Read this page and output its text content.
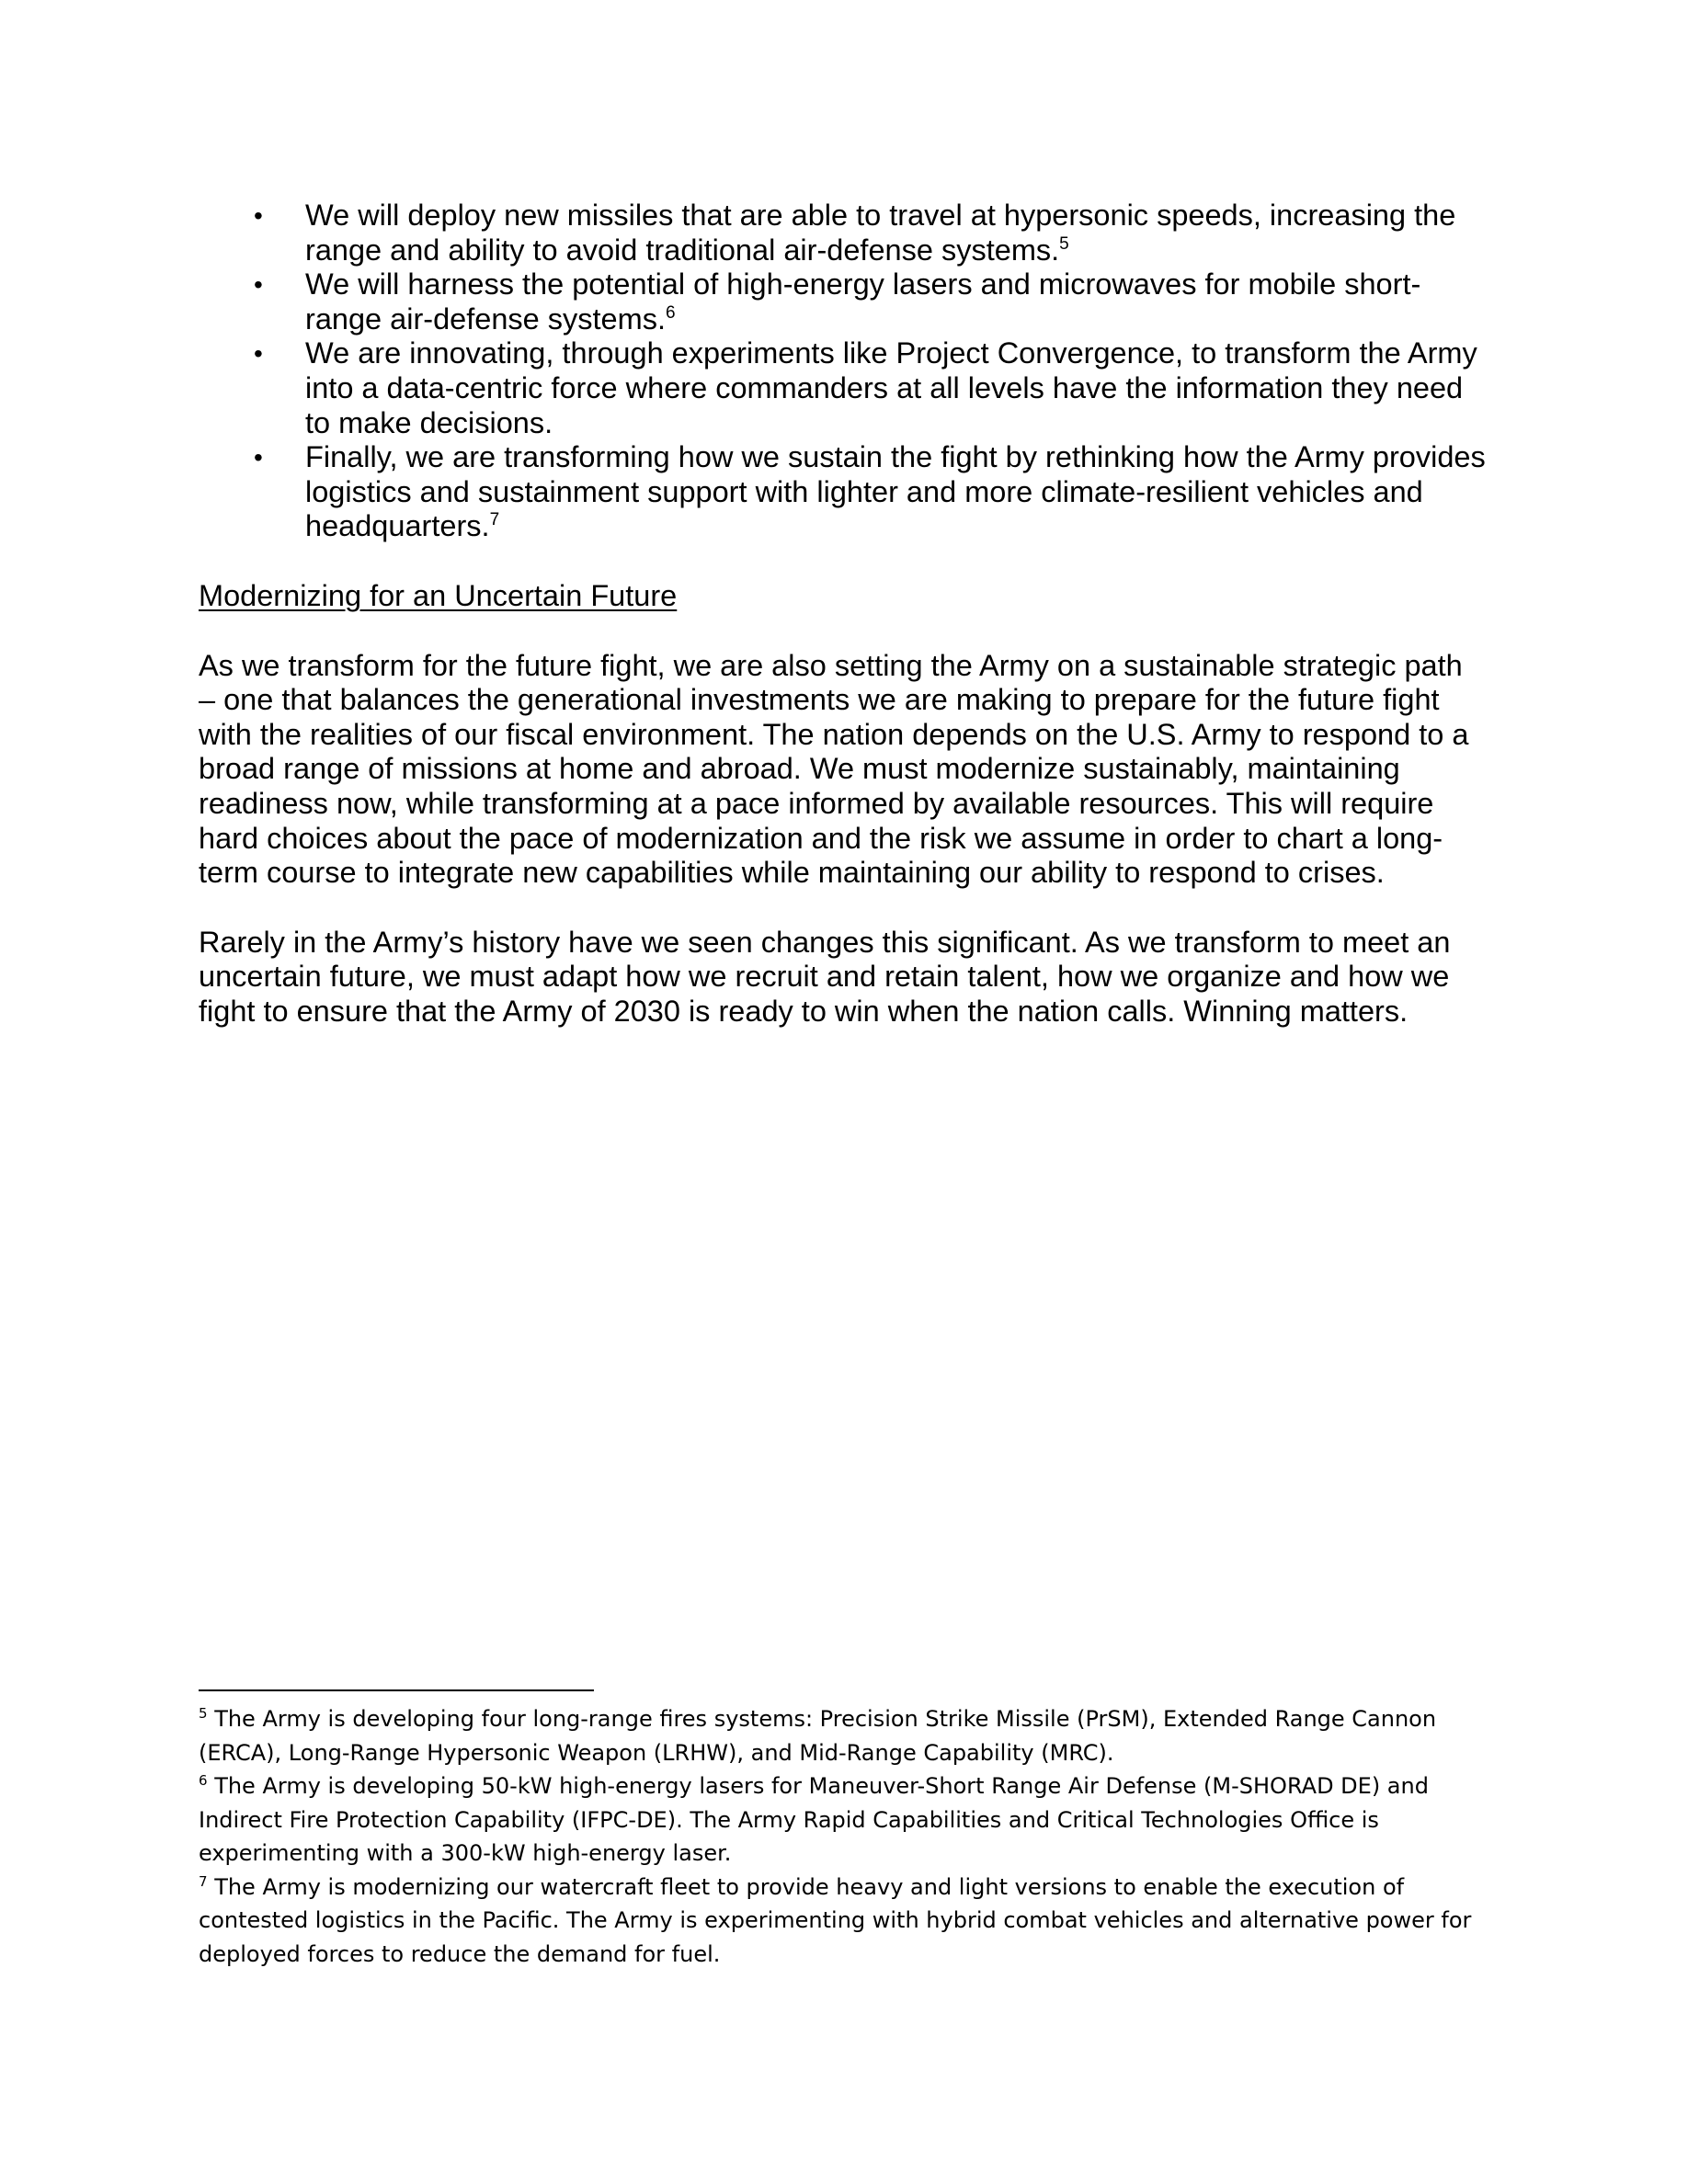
• We will deploy new missiles that are able to travel at hypersonic speeds, increasing the range and ability to avoid traditional air-defense systems.$^5$
• We will harness the potential of high-energy lasers and microwaves for mobile short-range air-defense systems.$^6$
• We are innovating, through experiments like Project Convergence, to transform the Army into a data-centric force where commanders at all levels have the information they need to make decisions.
• Finally, we are transforming how we sustain the fight by rethinking how the Army provides logistics and sustainment support with lighter and more climate-resilient vehicles and headquarters.$^7$
Modernizing for an Uncertain Future

As we transform for the future fight, we are also setting the Army on a sustainable strategic path – one that balances the generational investments we are making to prepare for the future fight with the realities of our fiscal environment. The nation depends on the U.S. Army to respond to a broad range of missions at home and abroad. We must modernize sustainably, maintaining readiness now, while transforming at a pace informed by available resources. This will require hard choices about the pace of modernization and the risk we assume in order to chart a long-term course to integrate new capabilities while maintaining our ability to respond to crises.

Rarely in the Army’s history have we seen changes this significant. As we transform to meet an uncertain future, we must adapt how we recruit and retain talent, how we organize and how we fight to ensure that the Army of 2030 is ready to win when the nation calls. Winning matters.

$^5$ The Army is developing four long-range fires systems: Precision Strike Missile (PrSM), Extended Range Cannon (ERCA), Long-Range Hypersonic Weapon (LRHW), and Mid-Range Capability (MRC).
$^6$ The Army is developing 50-kW high-energy lasers for Maneuver-Short Range Air Defense (M-SHORAD DE) and Indirect Fire Protection Capability (IFPC-DE). The Army Rapid Capabilities and Critical Technologies Office is experimenting with a 300-kW high-energy laser.
$^7$ The Army is modernizing our watercraft fleet to provide heavy and light versions to enable the execution of contested logistics in the Pacific. The Army is experimenting with hybrid combat vehicles and alternative power for deployed forces to reduce the demand for fuel.
